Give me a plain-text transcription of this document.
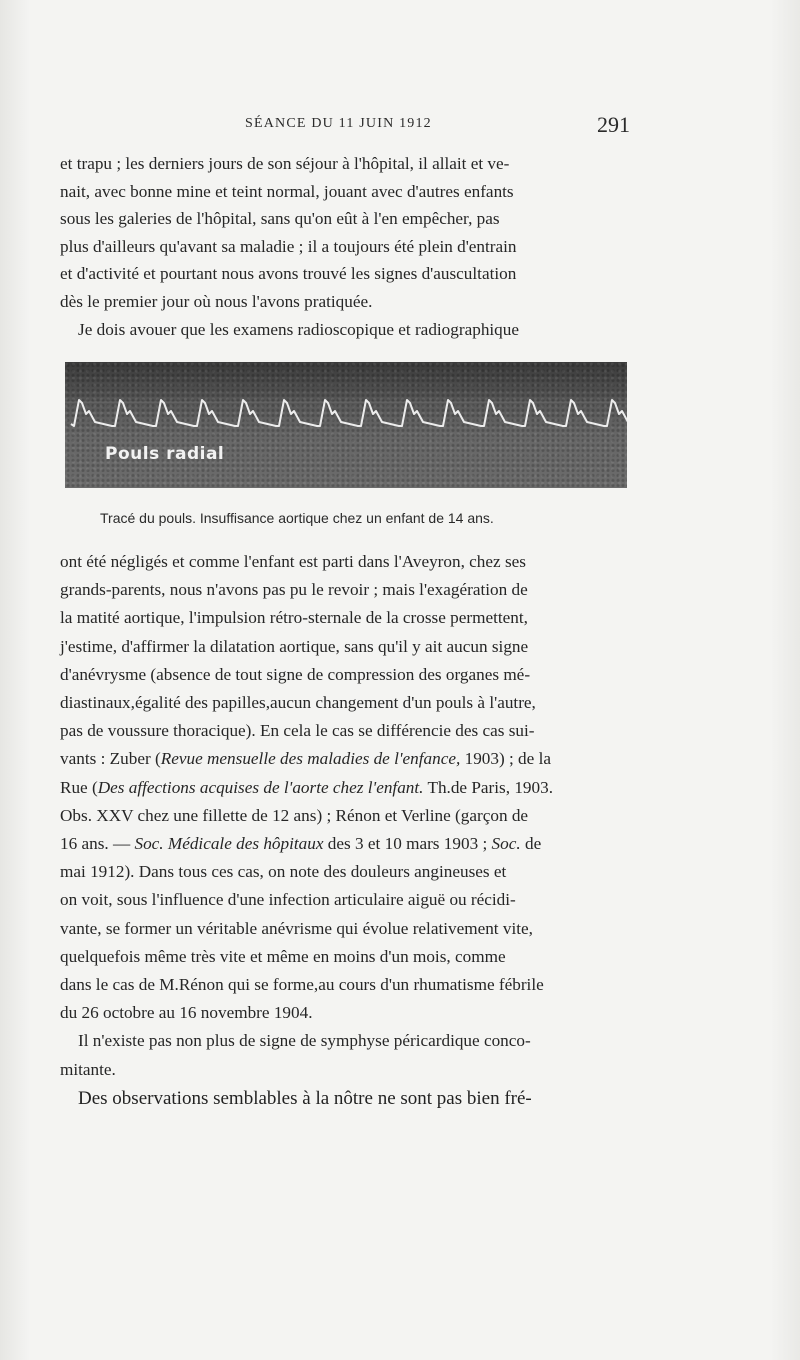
SÉANCE DU 11 JUIN 1912	291

et trapu ; les derniers jours de son séjour à l'hôpital, il allait et ve-

nait, avec bonne mine et teint normal, jouant avec d'autres enfants

sous les galeries de l'hôpital, sans qu'on eût à l'en empêcher, pas

plus d'ailleurs qu'avant sa maladie ; il a toujours été plein d'entrain

et d'activité et pourtant nous avons trouvé les signes d'auscultation

dès le premier jour où nous l'avons pratiquée.

Je dois avouer que les examens radioscopique et radiographique

Pouls radial
Tracé du pouls. Insuffisance aortique chez un enfant de 14 ans.

ont été négligés et comme l'enfant est parti dans l'Aveyron, chez ses

grands-parents, nous n'avons pas pu le revoir ; mais l'exagération de

la matité aortique, l'impulsion rétro-sternale de la crosse permettent,

j'estime, d'affirmer la dilatation aortique, sans qu'il y ait aucun signe

d'anévrysme (absence de tout signe de compression des organes mé-

diastinaux,égalité des papilles,aucun changement d'un pouls à l'autre,

pas de voussure thoracique). En cela le cas se différencie des cas sui-

vants : Zuber (Revue mensuelle des maladies de l'enfance, 1903) ; de la

Rue (Des affections acquises de l'aorte chez l'enfant. Th.de Paris, 1903.

Obs. XXV chez une fillette de 12 ans) ; Rénon et Verline (garçon de

16 ans. — Soc. Médicale des hôpitaux des 3 et 10 mars 1903 ; Soc. de

mai 1912). Dans tous ces cas, on note des douleurs angineuses et

on voit, sous l'influence d'une infection articulaire aiguë ou récidi-

vante, se former un véritable anévrisme qui évolue relativement vite,

quelquefois même très vite et même en moins d'un mois, comme

dans le cas de M.Rénon qui se forme,au cours d'un rhumatisme fébrile

du 26 octobre au 16 novembre 1904.

Il n'existe pas non plus de signe de symphyse péricardique conco-

mitante.

Des observations semblables à la nôtre ne sont pas bien fré-
